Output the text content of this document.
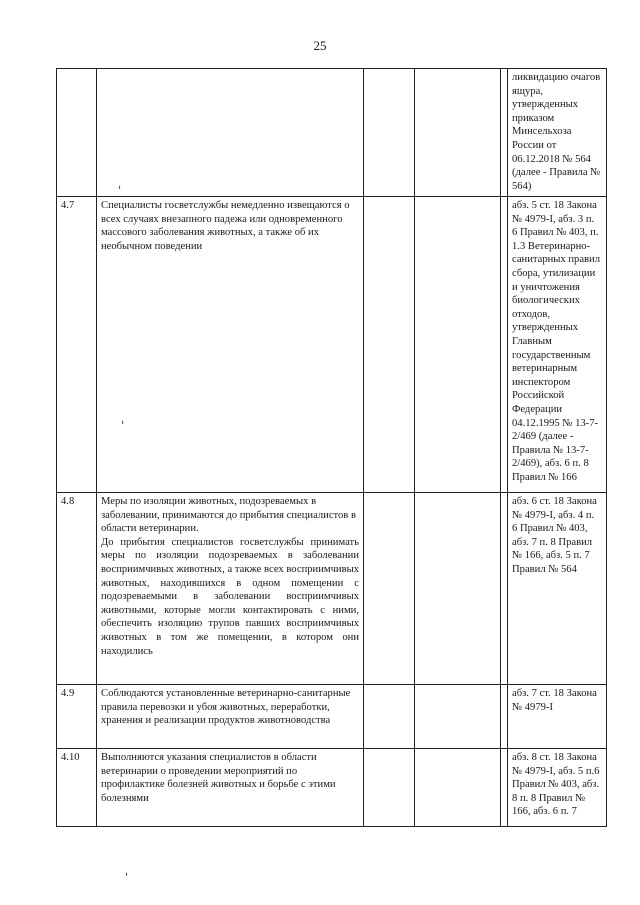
25

					ликвидацию очагов ящура, утвержденных приказом Минсельхоза России от 06.12.2018 № 564 (далее - Правила № 564)

4.7	Специалисты госветслужбы немедленно извещаются о всех случаях внезапного падежа или одновременного массового заболевания животных, а также об их необычном поведении				абз. 5 ст. 18 Закона № 4979-I, абз. 3 п. 6 Правил № 403, п. 1.3 Ветеринарно-санитарных правил сбора, утилизации и уничтожения биологических отходов, утвержденных Главным государственным ветеринарным инспектором Российской Федерации 04.12.1995 № 13-7-2/469 (далее - Правила № 13-7-2/469), абз. 6 п. 8 Правил № 166

4.8	Меры по изоляции животных, подозреваемых в заболевании, принимаются до прибытия специалистов в области ветеринарии.
До прибытия специалистов госветслужбы принимать меры по изоляции подозреваемых в заболевании восприимчивых животных, а также всех восприимчивых животных, находившихся в одном помещении с подозреваемыми в заболевании восприимчивых животными, которые могли контактировать с ними, обеспечить изоляцию трупов павших восприимчивых животных в том же помещении, в котором они находились				абз. 6 ст. 18 Закона № 4979-I, абз. 4 п. 6 Правил № 403, абз. 7 п. 8 Правил № 166, абз. 5 п. 7 Правил № 564

4.9	Соблюдаются установленные ветеринарно-санитарные правила перевозки и убоя животных, переработки, хранения и реализации продуктов животноводства				абз. 7 ст. 18 Закона № 4979-I

4.10	Выполняются указания специалистов в области ветеринарии о проведении мероприятий по профилактике болезней животных и борьбе с этими болезнями				абз. 8 ст. 18 Закона № 4979-I, абз. 5 п.6 Правил № 403, абз. 8 п. 8 Правил № 166, абз. 6 п. 7
ˌ
ˌ
ˌ
